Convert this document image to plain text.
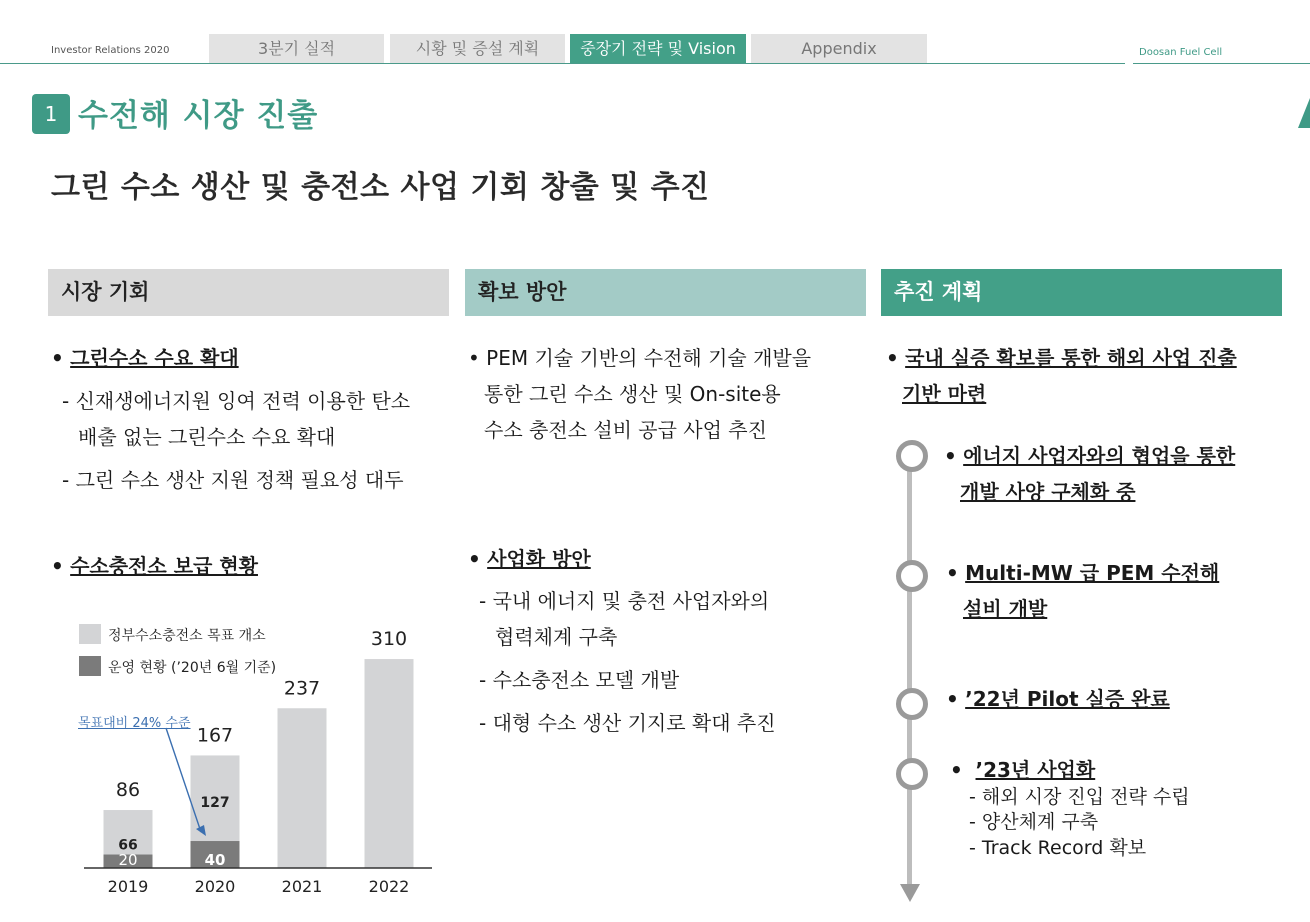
Investor Relations 2020	3분기 실적	시황 및 증설 계획	중장기 전략 및 Vision	Appendix	Doosan Fuel Cell
1 수전해 시장 진출
그린 수소 생산 및 충전소 사업 기회 창출 및 추진
시장 기회	확보 방안	추진 계획
• 그린수소 수요 확대
- 신재생에너지원 잉여 전력 이용한 탄소
배출 없는 그린수소 수요 확대
- 그린 수소 생산 지원 정책 필요성 대두
• 수소충전소 보급 현황
정부수소충전소 목표 개소
운영 현황 (’20년 6월 기준)
목표대비 24% 수준
86
20
66
2019
167
40
127
2020
237
2021
310
2022
• PEM 기술 기반의 수전해 기술 개발을
통한 그린 수소 생산 및 On-site용
수소 충전소 설비 공급 사업 추진
• 사업화 방안
- 국내 에너지 및 충전 사업자와의
협력체계 구축
- 수소충전소 모델 개발
- 대형 수소 생산 기지로 확대 추진
• 국내 실증 확보를 통한 해외 사업 진출
기반 마련
• 에너지 사업자와의 협업을 통한
개발 사양 구체화 중
• Multi-MW 급 PEM 수전해
설비 개발
• ’22년 Pilot 실증 완료
• ’23년 사업화
- 해외 시장 진입 전략 수립
- 양산체계 구축
- Track Record 확보
